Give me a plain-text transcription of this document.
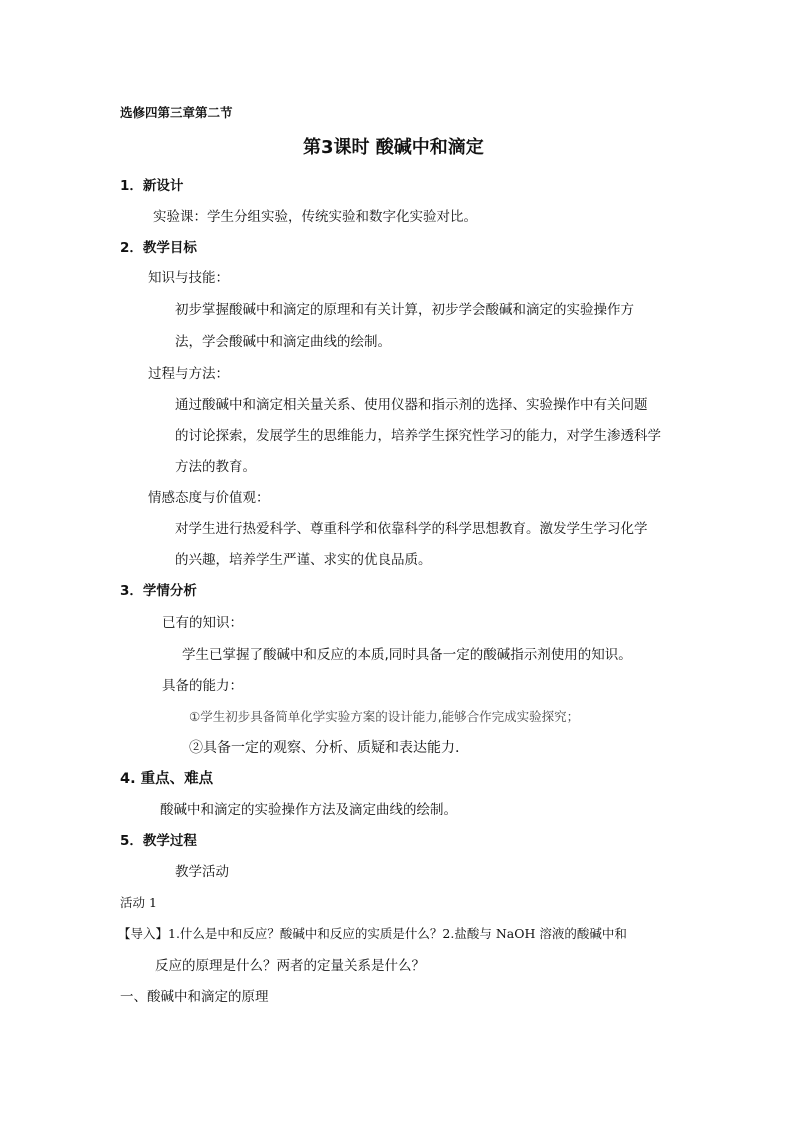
选修四第三章第二节
第3课时 酸碱中和滴定
1．新设计
实验课：学生分组实验，传统实验和数字化实验对比。
2．教学目标
知识与技能：
初步掌握酸碱中和滴定的原理和有关计算，初步学会酸碱和滴定的实验操作方
法，学会酸碱中和滴定曲线的绘制。
过程与方法：
通过酸碱中和滴定相关量关系、使用仪器和指示剂的选择、实验操作中有关问题
的讨论探索，发展学生的思维能力，培养学生探究性学习的能力，对学生渗透科学
方法的教育。
情感态度与价值观：
对学生进行热爱科学、尊重科学和依靠科学的科学思想教育。激发学生学习化学
的兴趣，培养学生严谨、求实的优良品质。
3．学情分析
已有的知识：
学生已掌握了酸碱中和反应的本质,同时具备一定的酸碱指示剂使用的知识。
具备的能力：
①学生初步具备简单化学实验方案的设计能力,能够合作完成实验探究；
②具备一定的观察、分析、质疑和表达能力.
4. 重点、难点
酸碱中和滴定的实验操作方法及滴定曲线的绘制。
5．教学过程
教学活动
活动 1
【导入】1.什么是中和反应？酸碱中和反应的实质是什么？2.盐酸与 NaOH 溶液的酸碱中和
反应的原理是什么？两者的定量关系是什么？
一、酸碱中和滴定的原理
